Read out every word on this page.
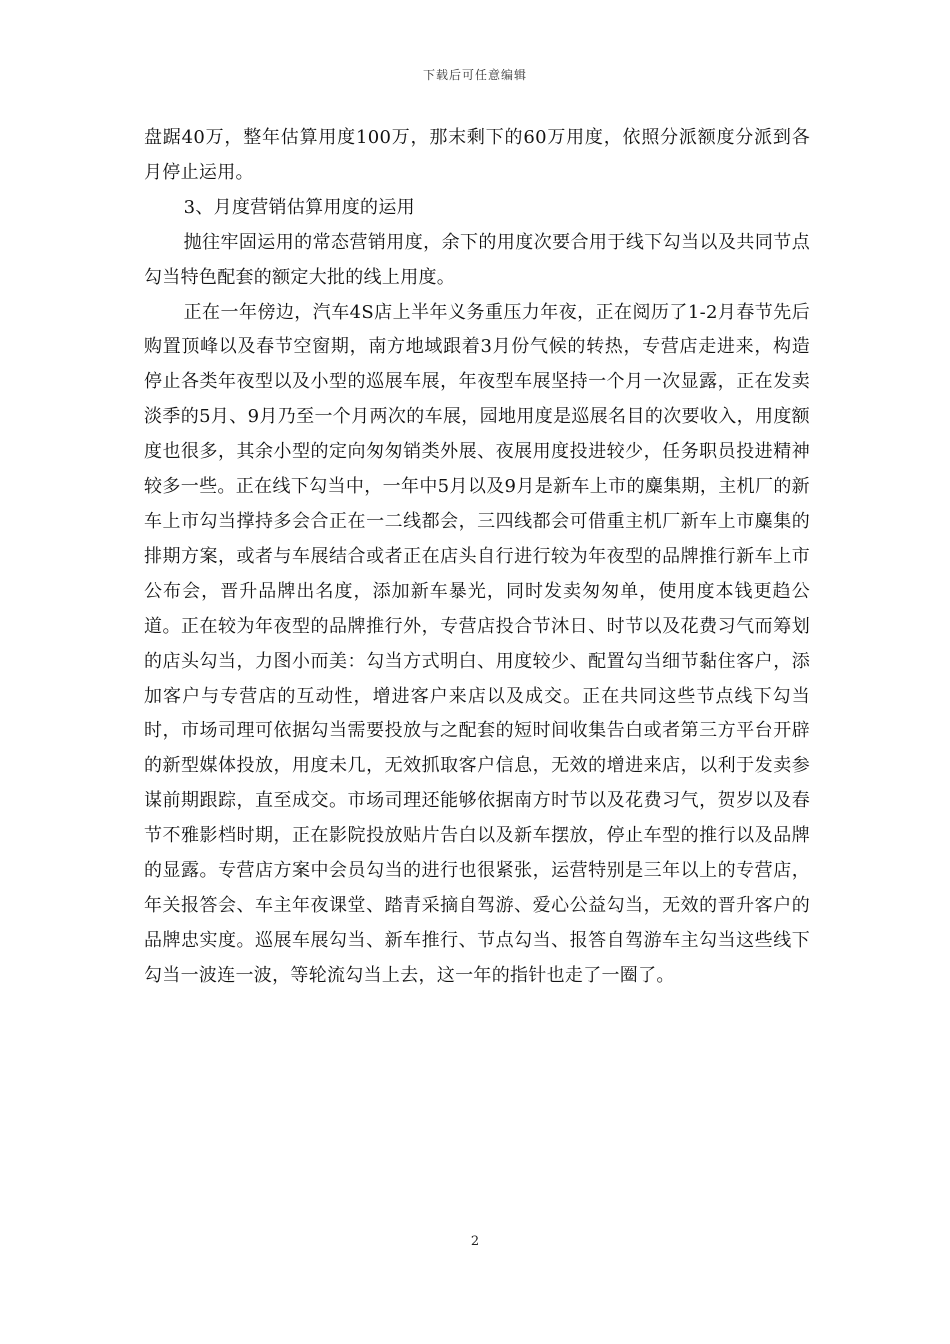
下载后可任意编辑

盘踞40万，整年估算用度100万，那末剩下的60万用度，依照分派额度分派到各月停止运用。

3、月度营销估算用度的运用

抛往牢固运用的常态营销用度，余下的用度次要合用于线下勾当以及共同节点勾当特色配套的额定大批的线上用度。

正在一年傍边，汽车4S店上半年义务重压力年夜，正在阅历了1-2月春节先后购置顶峰以及春节空窗期，南方地域跟着3月份气候的转热，专营店走进来，构造停止各类年夜型以及小型的巡展车展，年夜型车展坚持一个月一次显露，正在发卖淡季的5月、9月乃至一个月两次的车展，园地用度是巡展名目的次要收入，用度额度也很多，其余小型的定向匆匆销类外展、夜展用度投进较少，任务职员投进精神较多一些。正在线下勾当中，一年中5月以及9月是新车上市的麋集期，主机厂的新车上市勾当撑持多会合正在一二线都会，三四线都会可借重主机厂新车上市麋集的排期方案，或者与车展结合或者正在店头自行进行较为年夜型的品牌推行新车上市公布会，晋升品牌出名度，添加新车暴光，同时发卖匆匆单，使用度本钱更趋公道。正在较为年夜型的品牌推行外，专营店投合节沐日、时节以及花费习气而筹划的店头勾当，力图小而美：勾当方式明白、用度较少、配置勾当细节黏住客户，添加客户与专营店的互动性，增进客户来店以及成交。正在共同这些节点线下勾当时，市场司理可依据勾当需要投放与之配套的短时间收集告白或者第三方平台开辟的新型媒体投放，用度未几，无效抓取客户信息，无效的增进来店，以利于发卖参谋前期跟踪，直至成交。市场司理还能够依据南方时节以及花费习气，贺岁以及春节不雅影档时期，正在影院投放贴片告白以及新车摆放，停止车型的推行以及品牌的显露。专营店方案中会员勾当的进行也很紧张，运营特别是三年以上的专营店，年关报答会、车主年夜课堂、踏青采摘自驾游、爱心公益勾当，无效的晋升客户的品牌忠实度。巡展车展勾当、新车推行、节点勾当、报答自驾游车主勾当这些线下勾当一波连一波，等轮流勾当上去，这一年的指针也走了一圈了。

2
